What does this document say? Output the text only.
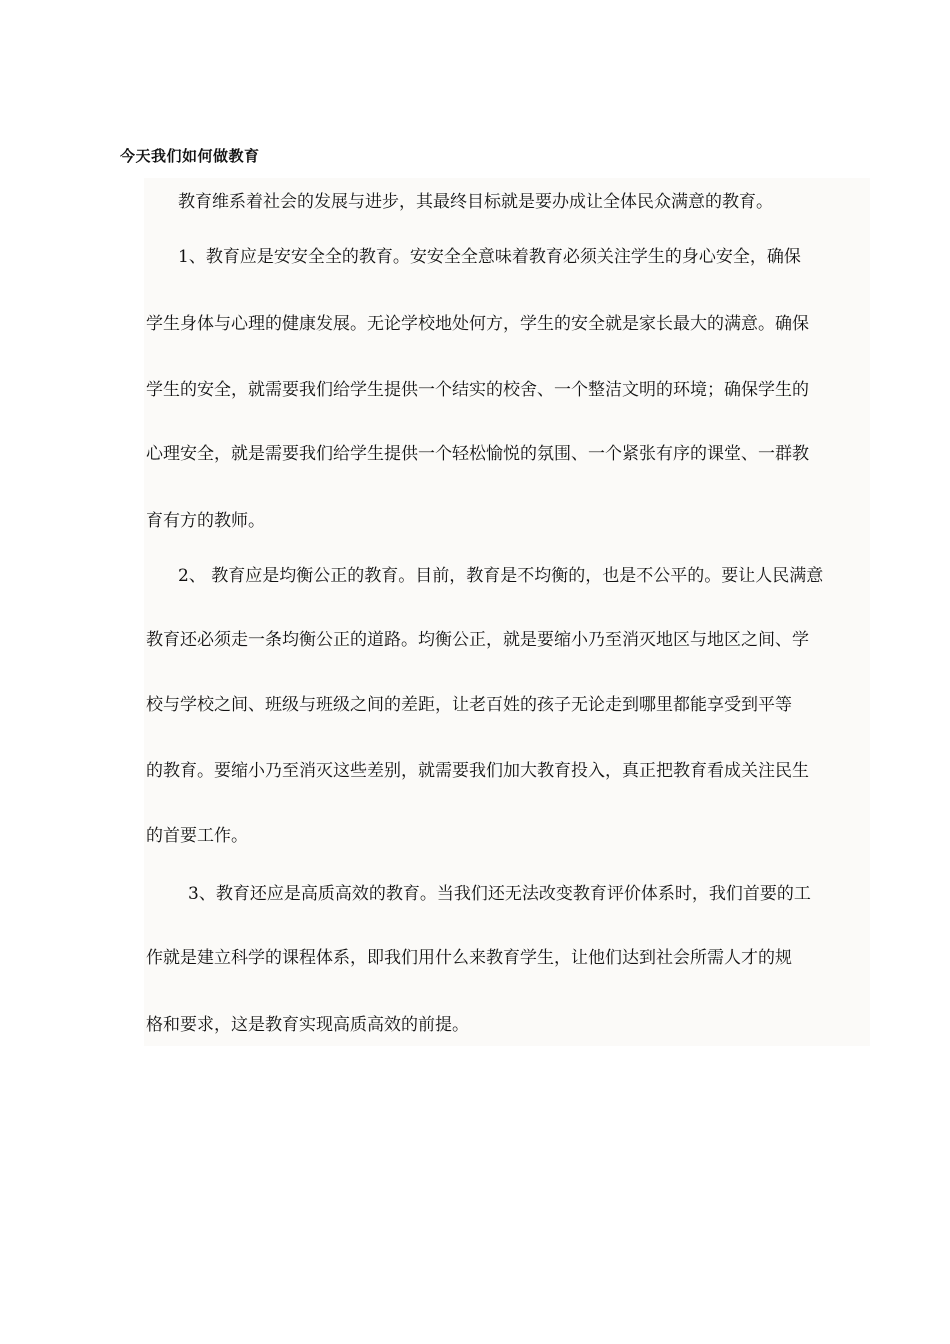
今天我们如何做教育

教育维系着社会的发展与进步，其最终目标就是要办成让全体民众满意的教育。

1、教育应是安安全全的教育。安安全全意味着教育必须关注学生的身心安全，确保

学生身体与心理的健康发展。无论学校地处何方，学生的安全就是家长最大的满意。确保

学生的安全，就需要我们给学生提供一个结实的校舍、一个整洁文明的环境；确保学生的

心理安全，就是需要我们给学生提供一个轻松愉悦的氛围、一个紧张有序的课堂、一群教

育有方的教师。

2、 教育应是均衡公正的教育。目前，教育是不均衡的，也是不公平的。要让人民满意

教育还必须走一条均衡公正的道路。均衡公正，就是要缩小乃至消灭地区与地区之间、学

校与学校之间、班级与班级之间的差距，让老百姓的孩子无论走到哪里都能享受到平等

的教育。要缩小乃至消灭这些差别，就需要我们加大教育投入，真正把教育看成关注民生

的首要工作。

3、教育还应是高质高效的教育。当我们还无法改变教育评价体系时，我们首要的工

作就是建立科学的课程体系，即我们用什么来教育学生，让他们达到社会所需人才的规

格和要求，这是教育实现高质高效的前提。
